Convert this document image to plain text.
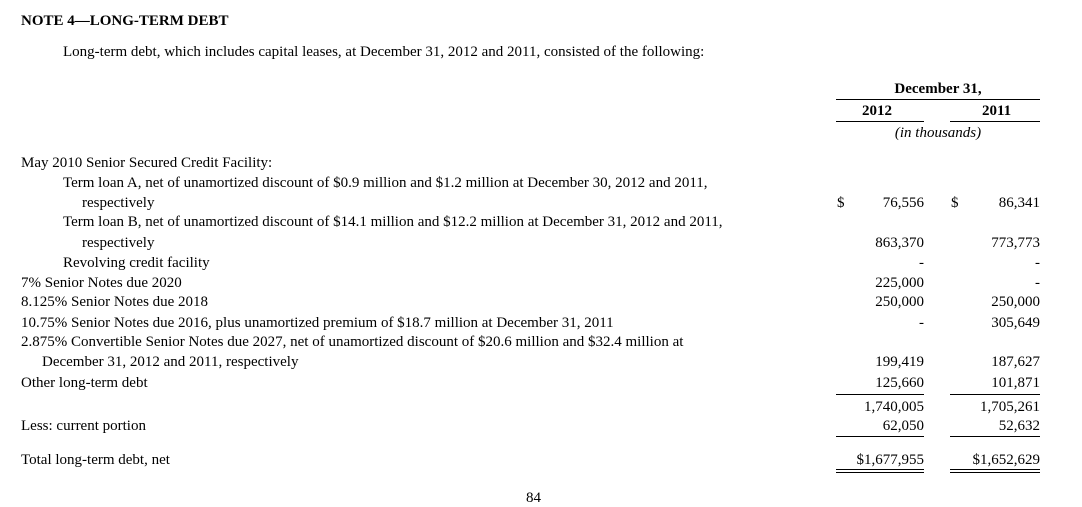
NOTE 4—LONG-TERM DEBT
Long-term debt, which includes capital leases, at December 31, 2012 and 2011, consisted of the following:
December 31,
2012	2011
(in thousands)
May 2010 Senior Secured Credit Facility:
Term loan A, net of unamortized discount of $0.9 million and $1.2 million at December 30, 2012 and 2011,
respectively	$	76,556 $	86,341
Term loan B, net of unamortized discount of $14.1 million and $12.2 million at December 31, 2012 and 2011,
respectively	863,370	773,773
Revolving credit facility	-	-
7% Senior Notes due 2020	225,000	-
8.125% Senior Notes due 2018	250,000	250,000
10.75% Senior Notes due 2016, plus unamortized premium of $18.7 million at December 31, 2011	-	305,649
2.875% Convertible Senior Notes due 2027, net of unamortized discount of $20.6 million and $32.4 million at
December 31, 2012 and 2011, respectively	199,419	187,627
Other long-term debt	125,660	101,871
1,740,005	1,705,261
Less: current portion	62,050	52,632
Total long-term debt, net	$1,677,955	$1,652,629
84
